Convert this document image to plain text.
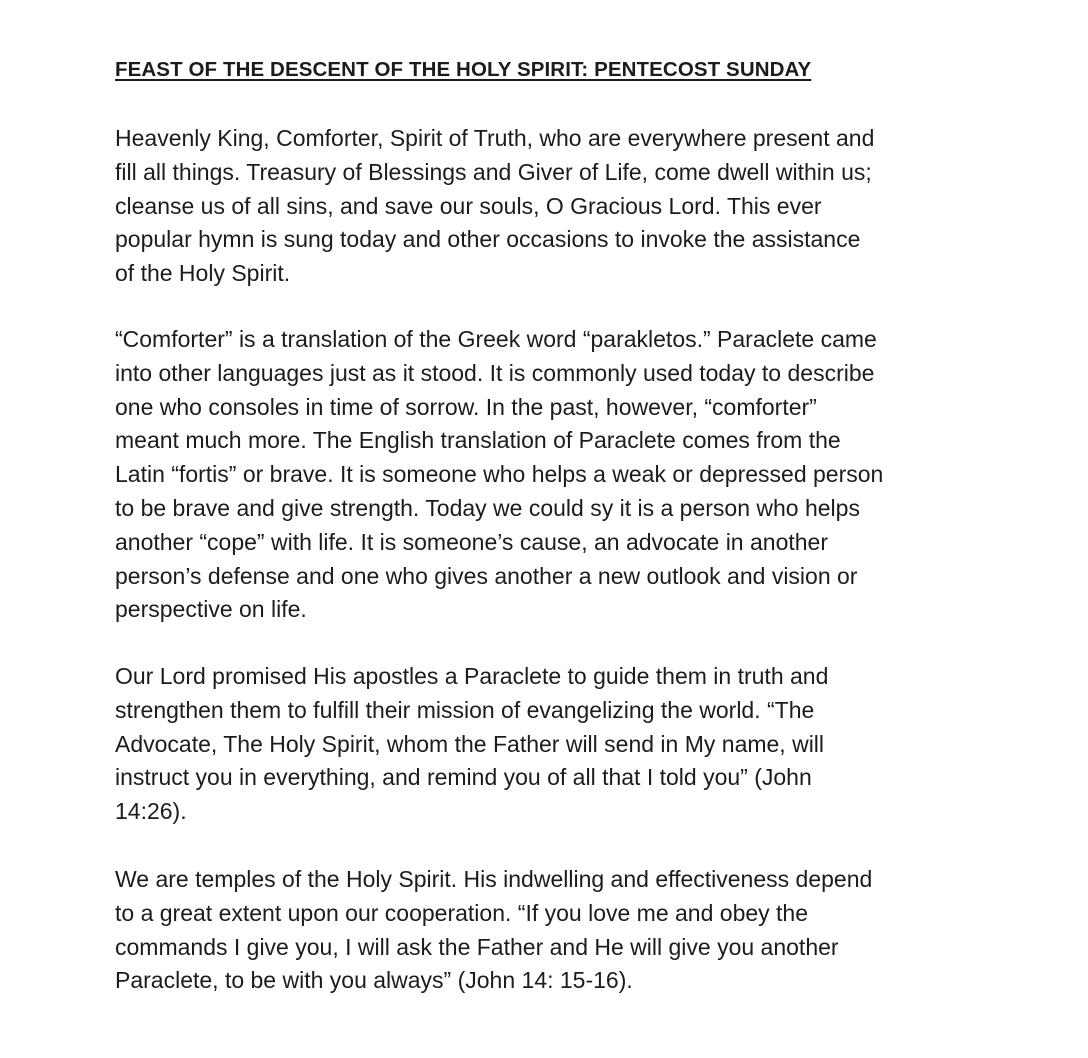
FEAST OF THE DESCENT OF THE HOLY SPIRIT: PENTECOST SUNDAY

Heavenly King, Comforter, Spirit of Truth, who are everywhere present and
fill all things. Treasury of Blessings and Giver of Life, come dwell within us;
cleanse us of all sins, and save our souls, O Gracious Lord. This ever
popular hymn is sung today and other occasions to invoke the assistance
of the Holy Spirit.

“Comforter” is a translation of the Greek word “parakletos.” Paraclete came
into other languages just as it stood. It is commonly used today to describe
one who consoles in time of sorrow. In the past, however, “comforter”
meant much more. The English translation of Paraclete comes from the
Latin “fortis” or brave. It is someone who helps a weak or depressed person
to be brave and give strength. Today we could sy it is a person who helps
another “cope” with life. It is someone’s cause, an advocate in another
person’s defense and one who gives another a new outlook and vision or
perspective on life.

Our Lord promised His apostles a Paraclete to guide them in truth and
strengthen them to fulfill their mission of evangelizing the world. “The
Advocate, The Holy Spirit, whom the Father will send in My name, will
instruct you in everything, and remind you of all that I told you” (John
14:26).

We are temples of the Holy Spirit. His indwelling and effectiveness depend
to a great extent upon our cooperation. “If you love me and obey the
commands I give you, I will ask the Father and He will give you another
Paraclete, to be with you always” (John 14: 15-16).
